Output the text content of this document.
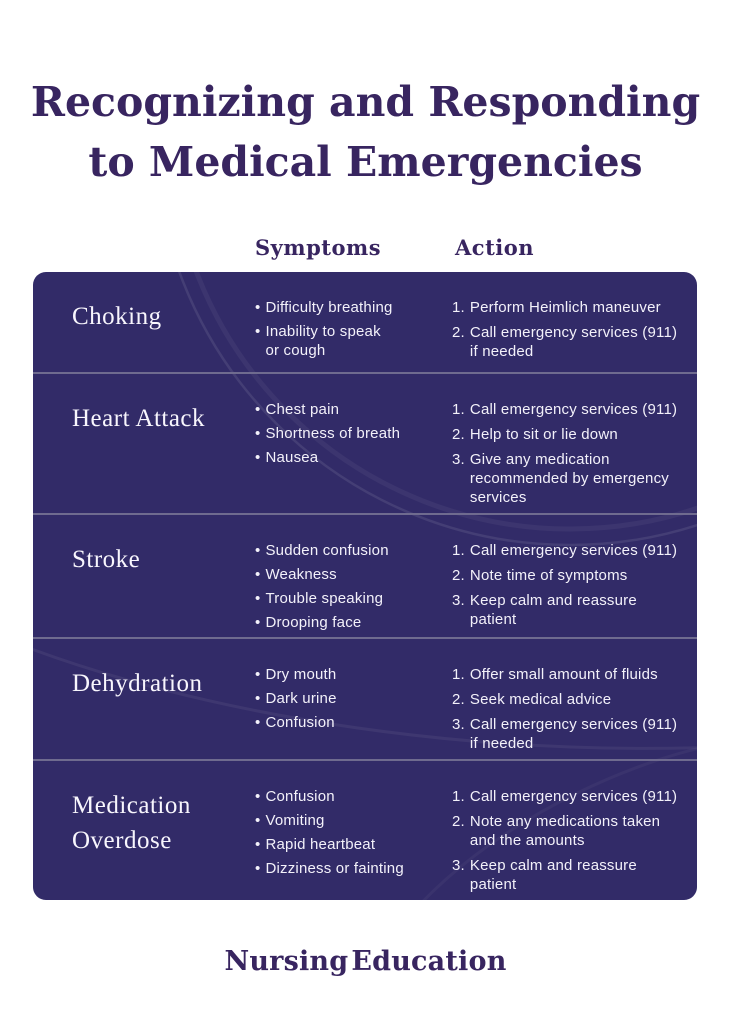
Recognizing and Responding
to Medical Emergencies
Symptoms	Action
Choking	• Difficulty breathing
• Inability to speak
or cough
1. Perform Heimlich maneuver
2. Call emergency services (911)
if needed
Heart Attack	• Chest pain
• Shortness of breath
• Nausea
1. Call emergency services (911)
2. Help to sit or lie down
3. Give any medication
recommended by emergency
services
Stroke	• Sudden confusion
• Weakness
• Trouble speaking
• Drooping face
1. Call emergency services (911)
2. Note time of symptoms
3. Keep calm and reassure patient
Dehydration	• Dry mouth
• Dark urine
• Confusion
1. Offer small amount of fluids
2. Seek medical advice
3. Call emergency services (911)
if needed
Medication Overdose
• Confusion
• Vomiting
• Rapid heartbeat
• Dizziness or fainting
1. Call emergency services (911)
2. Note any medications taken
and the amounts
3. Keep calm and reassure patient
Nursing Education
